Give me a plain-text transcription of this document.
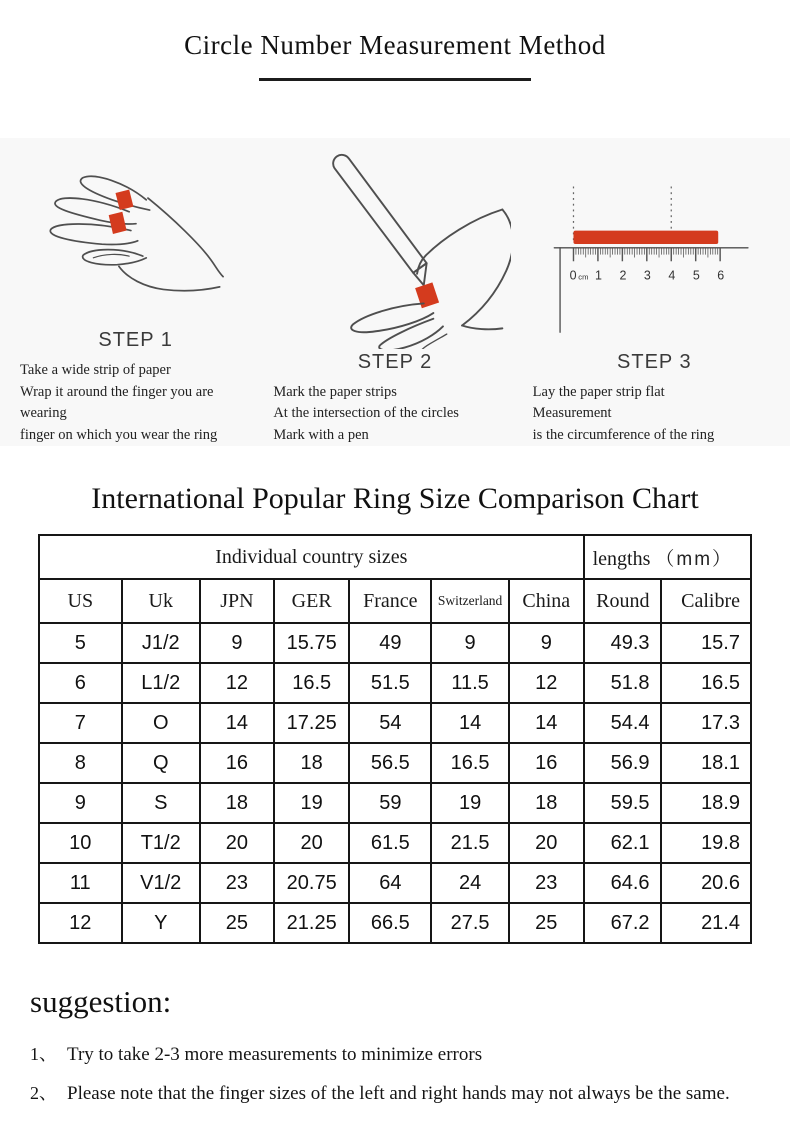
Circle Number Measurement Method
STEP 1
Take a wide strip of paper
Wrap it around the finger you are wearing
finger on which you wear the ring
STEP 2
Mark the paper strips
At the intersection of the circles
Mark with a pen
0 1 2 3 4 5 6
cm
STEP 3
Lay the paper strip flat
Measurement
is the circumference of the ring
International Popular Ring Size Comparison Chart
Individual country sizes							lengths （mm）	
US	Uk	JPN	GER	France	Switzerland	China	Round	Calibre
5	J1/2	9	15.75	49	9	9	49.3	15.7
6	L1/2	12	16.5	51.5	11.5	12	51.8	16.5
7	O	14	17.25	54	14	14	54.4	17.3
8	Q	16	18	56.5	16.5	16	56.9	18.1
9	S	18	19	59	19	18	59.5	18.9
10	T1/2	20	20	61.5	21.5	20	62.1	19.8
11	V1/2	23	20.75	64	24	23	64.6	20.6
12	Y	25	21.25	66.5	27.5	25	67.2	21.4
suggestion:
1、 Try to take 2-3 more measurements to minimize errors
2、 Please note that the finger sizes of the left and right hands may not always be the same.
